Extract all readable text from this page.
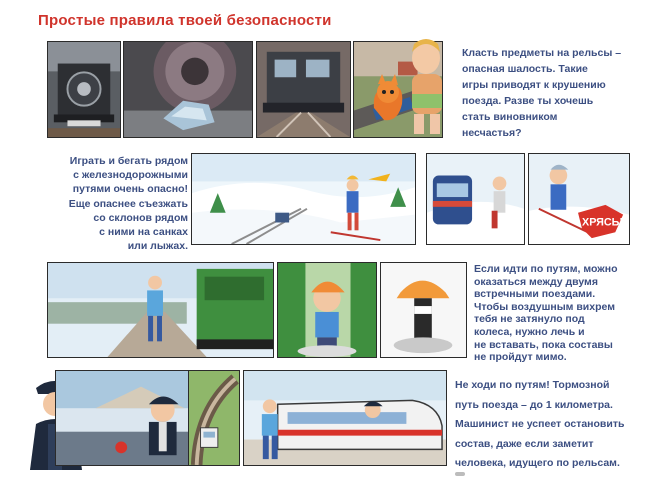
Простые правила твоей безопасности
Класть предметы на рельсы –
опасная шалость. Такие
игры приводят к крушению
поезда. Разве ты хочешь
стать виновником
несчастья?
Играть и бегать рядом
с железнодорожными
путями очень опасно!
Еще опаснее съезжать
со склонов рядом
с ними на санках
или лыжах.
ХРЯСЬ!
Если идти по путям, можно
оказаться между двумя
встречными поездами.
Чтобы воздушным вихрем
тебя не затянуло под
колеса, нужно лечь и
не вставать, пока составы
не пройдут мимо.
Не ходи по путям! Тормозной
путь поезда – до 1 километра.
Машинист не успеет остановить
состав, даже если заметит
человека, идущего по рельсам.
